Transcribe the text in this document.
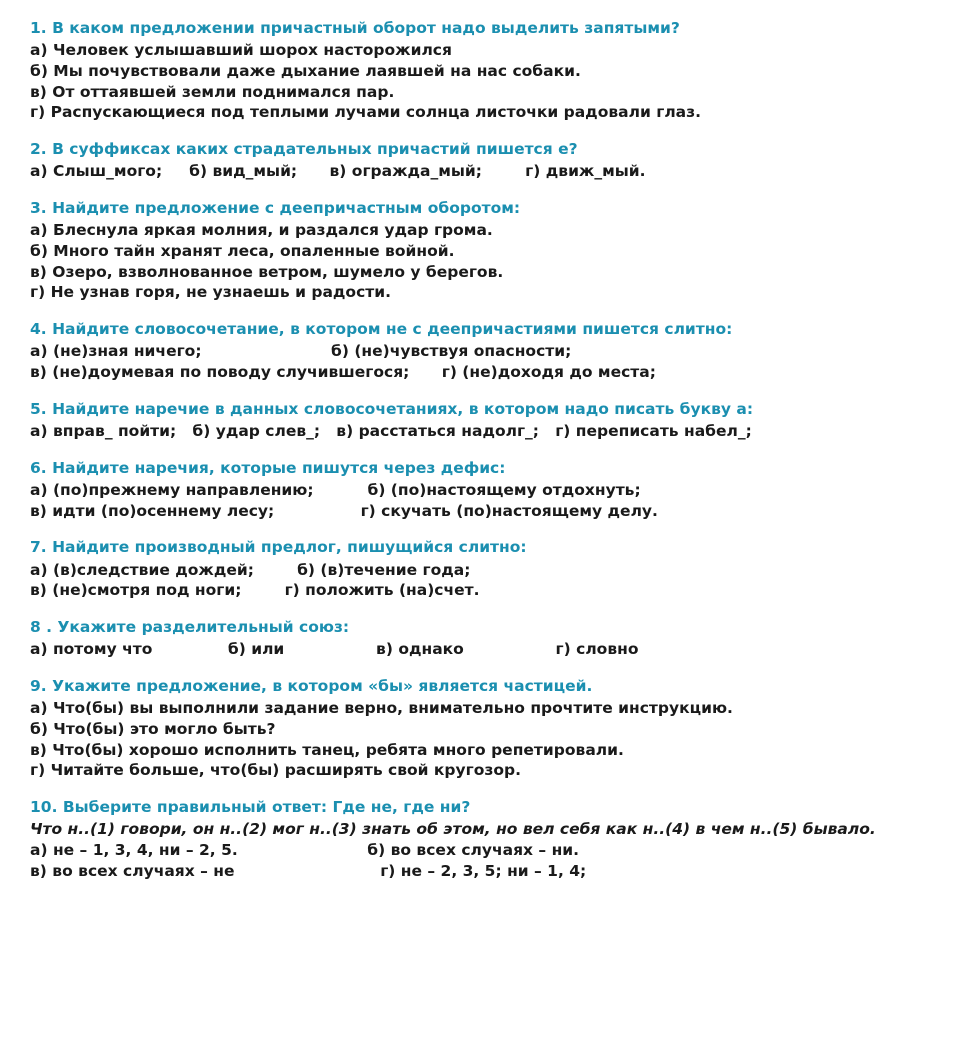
1. В каком предложении причастный оборот надо выделить запятыми?
а) Человек услышавший шорох насторожился
б) Мы почувствовали даже дыхание лаявшей на нас собаки.
в) От оттаявшей земли поднимался пар.
г) Распускающиеся под теплыми лучами солнца листочки радовали глаз.
2. В суффиксах каких страдательных причастий пишется е?
а) Слыш_мого;     б) вид_мый;      в) огражда_мый;        г) движ_мый.
3. Найдите предложение с деепричастным оборотом:
а) Блеснула яркая молния, и раздался удар грома.
б) Много тайн хранят леса, опаленные войной.
в) Озеро, взволнованное ветром, шумело у берегов.
г) Не узнав горя, не узнаешь и радости.
4. Найдите словосочетание, в котором не с деепричастиями пишется слитно:
а) (не)зная ничего;                        б) (не)чувствуя опасности;
в) (не)доумевая по поводу случившегося;      г) (не)доходя до места;
5. Найдите наречие в данных словосочетаниях, в котором надо писать букву а:
а) вправ_ пойти;   б) удар слев_;   в) расстаться надолг_;   г) переписать набел_;
6. Найдите наречия, которые пишутся через дефис:
а) (по)прежнему направлению;          б) (по)настоящему отдохнуть;
в) идти (по)осеннему лесу;                г) скучать (по)настоящему делу.
7. Найдите производный предлог, пишущийся слитно:
а) (в)следствие дождей;        б) (в)течение года;
в) (не)смотря под ноги;        г) положить (на)счет.
8 . Укажите разделительный союз:
а) потому что              б) или                 в) однако                 г) словно
9. Укажите предложение, в котором «бы» является частицей.
а) Что(бы) вы выполнили задание верно, внимательно прочтите инструкцию.
б) Что(бы) это могло быть?
в) Что(бы) хорошо исполнить танец, ребята много репетировали.
г) Читайте больше, что(бы) расширять свой кругозор.
10. Выберите правильный ответ: Где не, где ни?
Что н..(1) говори, он н..(2) мог н..(3) знать об этом, но вел себя как н..(4) в чем н..(5) бывало.
а) не – 1, 3, 4, ни – 2, 5.                        б) во всех случаях – ни.
в) во всех случаях – не                           г) не – 2, 3, 5; ни – 1, 4;
